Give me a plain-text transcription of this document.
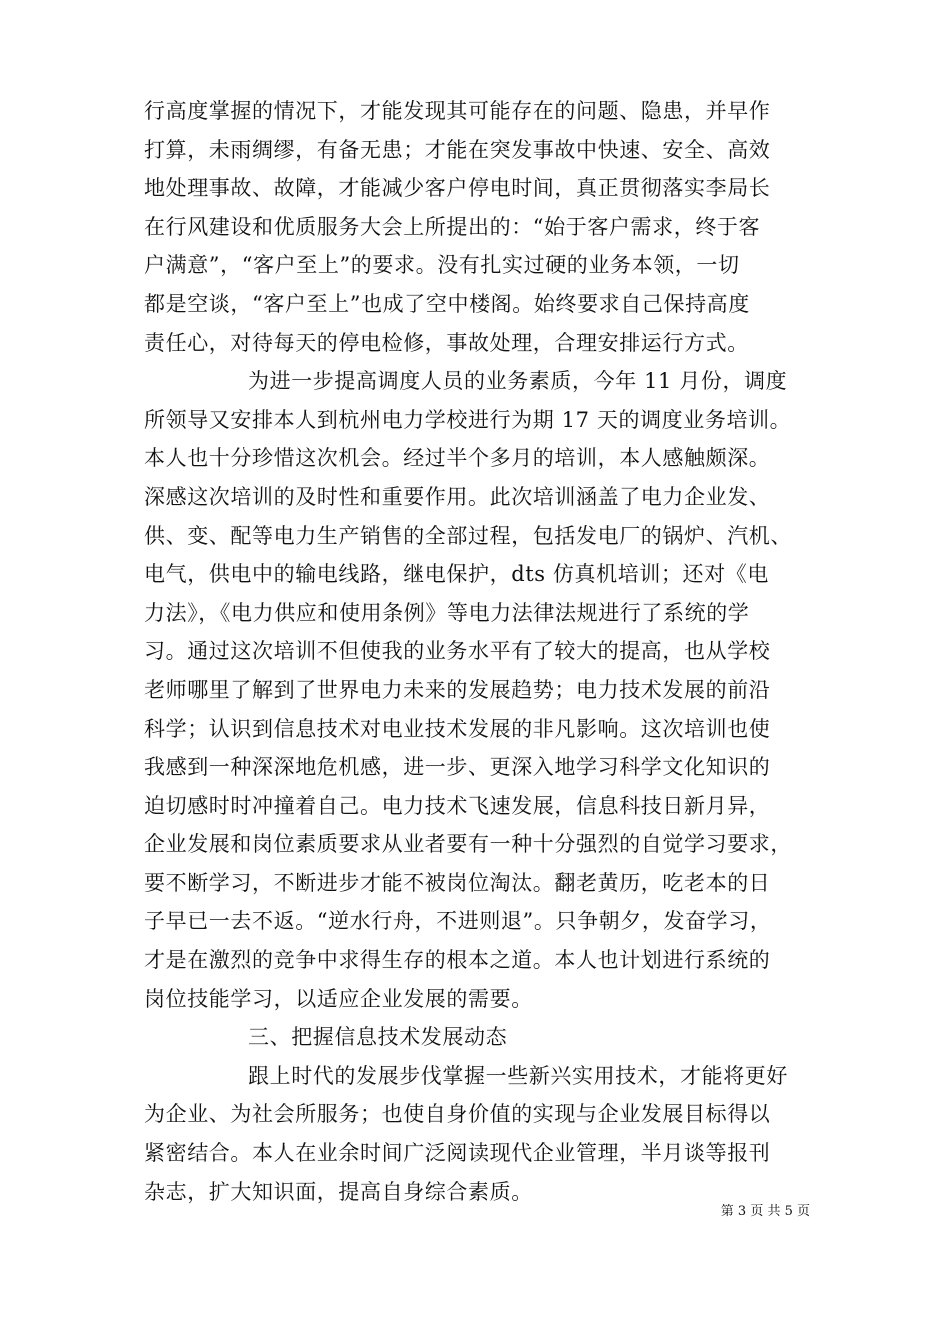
行高度掌握的情况下，才能发现其可能存在的问题、隐患，并早作
打算，未雨绸缪，有备无患；才能在突发事故中快速、安全、高效
地处理事故、故障，才能减少客户停电时间，真正贯彻落实李局长
在行风建设和优质服务大会上所提出的：“始于客户需求，终于客
户满意”，“客户至上”的要求。没有扎实过硬的业务本领，一切
都是空谈，“客户至上”也成了空中楼阁。始终要求自己保持高度
责任心，对待每天的停电检修，事故处理，合理安排运行方式。
为进一步提高调度人员的业务素质，今年 11 月份，调度
所领导又安排本人到杭州电力学校进行为期 17 天的调度业务培训。
本人也十分珍惜这次机会。经过半个多月的培训，本人感触颇深。
深感这次培训的及时性和重要作用。此次培训涵盖了电力企业发、
供、变、配等电力生产销售的全部过程，包括发电厂的锅炉、汽机、
电气，供电中的输电线路，继电保护，dts 仿真机培训；还对《电
力法》，《电力供应和使用条例》等电力法律法规进行了系统的学
习。通过这次培训不但使我的业务水平有了较大的提高，也从学校
老师哪里了解到了世界电力未来的发展趋势；电力技术发展的前沿
科学；认识到信息技术对电业技术发展的非凡影响。这次培训也使
我感到一种深深地危机感，进一步、更深入地学习科学文化知识的
迫切感时时冲撞着自己。电力技术飞速发展，信息科技日新月异，
企业发展和岗位素质要求从业者要有一种十分强烈的自觉学习要求，
要不断学习，不断进步才能不被岗位淘汰。翻老黄历，吃老本的日
子早已一去不返。“逆水行舟，不进则退”。只争朝夕，发奋学习，
才是在激烈的竞争中求得生存的根本之道。本人也计划进行系统的
岗位技能学习，以适应企业发展的需要。
三、把握信息技术发展动态
跟上时代的发展步伐掌握一些新兴实用技术，才能将更好
为企业、为社会所服务；也使自身价值的实现与企业发展目标得以
紧密结合。本人在业余时间广泛阅读现代企业管理，半月谈等报刊
杂志，扩大知识面，提高自身综合素质。
第 3 页 共 5 页
